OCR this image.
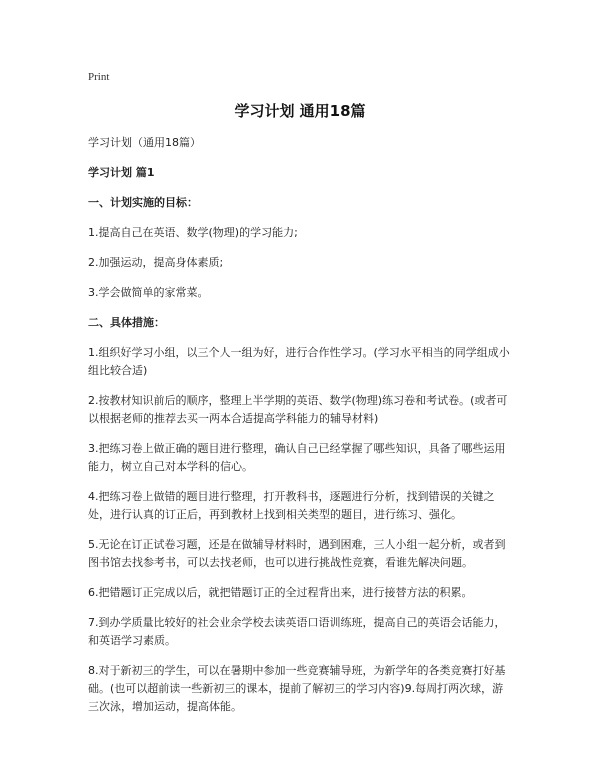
Print
学习计划 通用18篇

学习计划（通用18篇）

学习计划 篇1

一、计划实施的目标：

1.提高自己在英语、数学(物理)的学习能力;

2.加强运动，提高身体素质;

3.学会做简单的家常菜。

二、具体措施：

1.组织好学习小组，以三个人一组为好，进行合作性学习。(学习水平相当的同学组成小组比较合适)

2.按教材知识前后的顺序，整理上半学期的英语、数学(物理)练习卷和考试卷。(或者可以根据老师的推荐去买一两本合适提高学科能力的辅导材料)

3.把练习卷上做正确的题目进行整理，确认自己已经掌握了哪些知识，具备了哪些运用能力，树立自己对本学科的信心。

4.把练习卷上做错的题目进行整理，打开教科书，逐题进行分析，找到错误的关键之处，进行认真的订正后，再到教材上找到相关类型的题目，进行练习、强化。

5.无论在订正试卷习题，还是在做辅导材料时，遇到困难，三人小组一起分析，或者到图书馆去找参考书，可以去找老师，也可以进行挑战性竞赛，看谁先解决问题。

6.把错题订正完成以后，就把错题订正的全过程背出来，进行接替方法的积累。

7.到办学质量比较好的社会业余学校去读英语口语训练班，提高自己的英语会话能力，和英语学习素质。

8.对于新初三的学生，可以在暑期中参加一些竞赛辅导班，为新学年的各类竞赛打好基础。(也可以超前读一些新初三的课本，提前了解初三的学习内容)9.每周打两次球，游三次泳，增加运动，提高体能。
